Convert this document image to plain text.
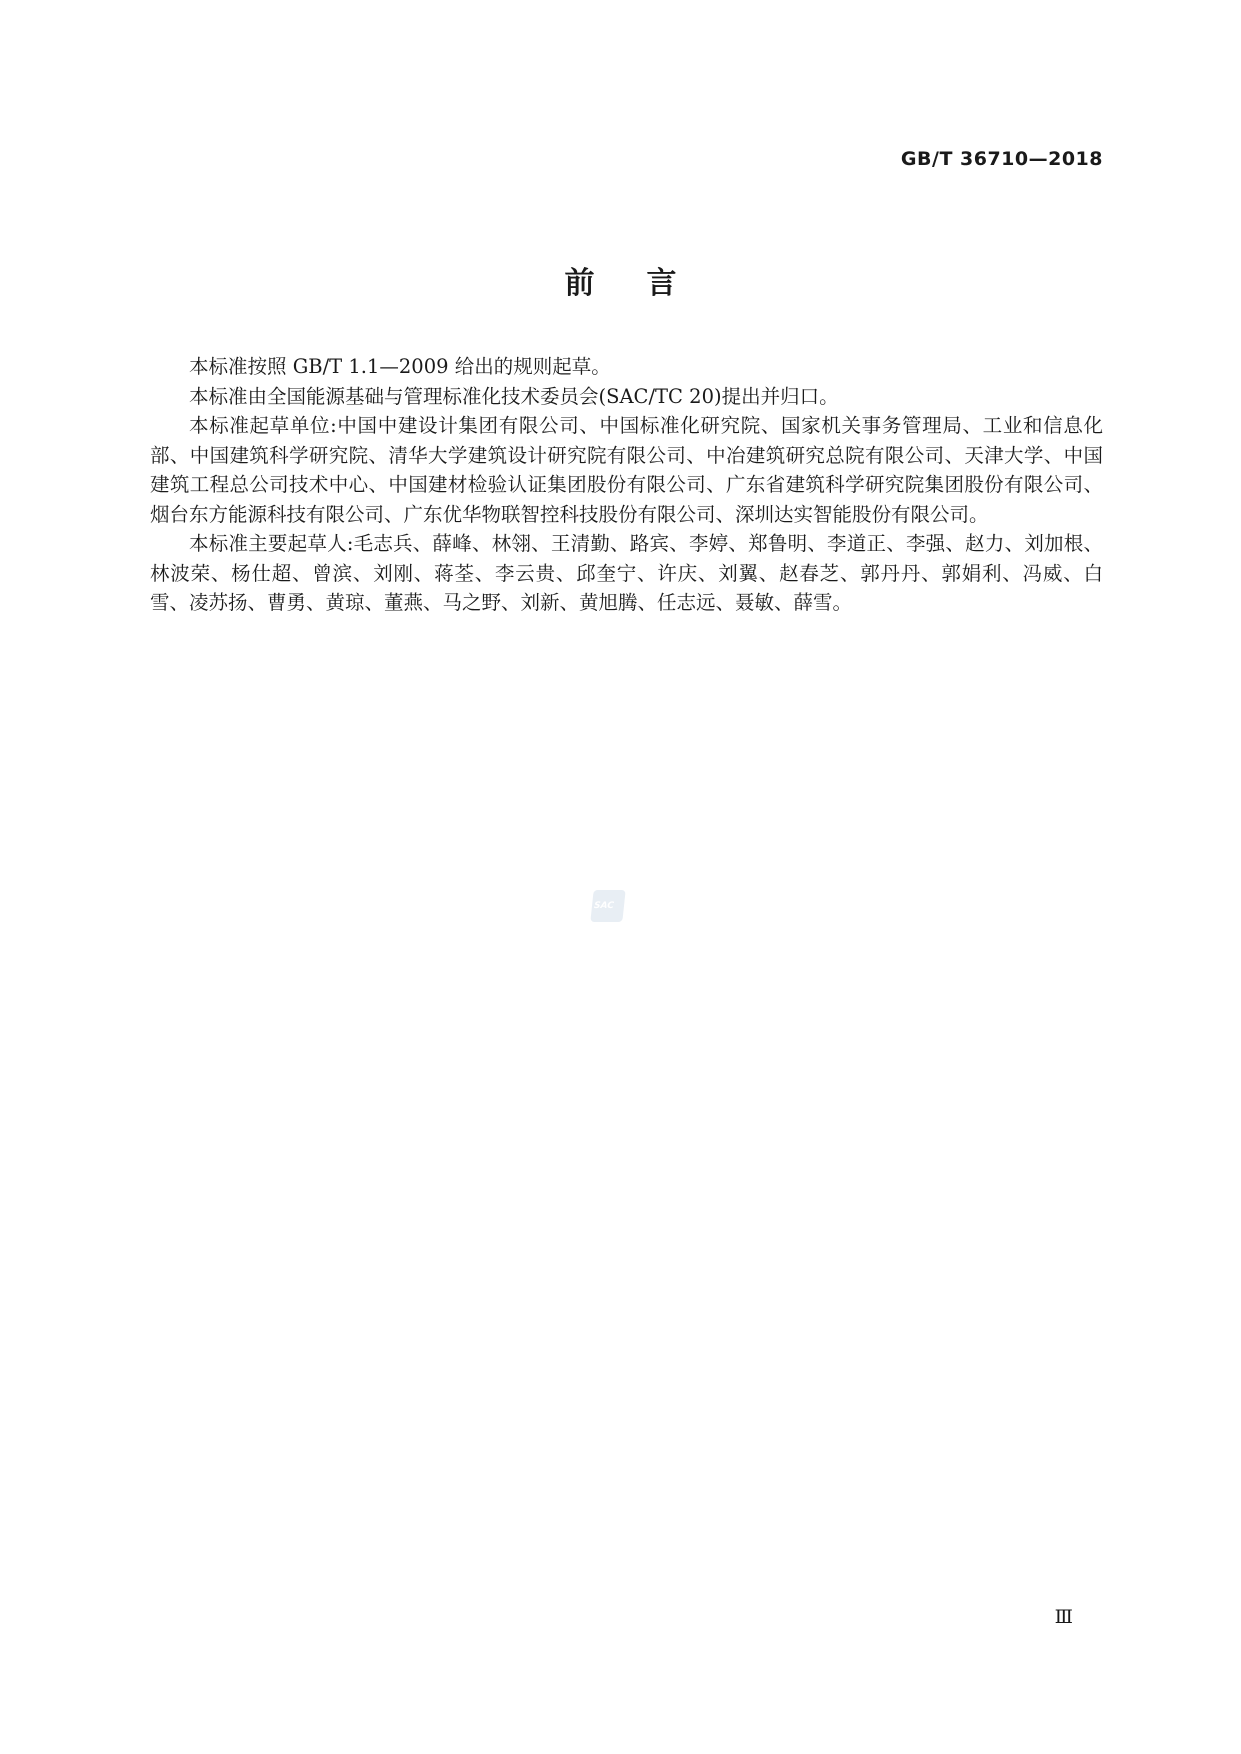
GB/T 36710—2018
前言

本标准按照 GB/T 1.1—2009 给出的规则起草。

本标准由全国能源基础与管理标准化技术委员会(SAC/TC 20)提出并归口。

本标准起草单位:中国中建设计集团有限公司、中国标准化研究院、国家机关事务管理局、工业和信息化部、中国建筑科学研究院、清华大学建筑设计研究院有限公司、中冶建筑研究总院有限公司、天津大学、中国建筑工程总公司技术中心、中国建材检验认证集团股份有限公司、广东省建筑科学研究院集团股份有限公司、烟台东方能源科技有限公司、广东优华物联智控科技股份有限公司、深圳达实智能股份有限公司。

本标准主要起草人:毛志兵、薛峰、林翎、王清勤、路宾、李婷、郑鲁明、李道正、李强、赵力、刘加根、林波荣、杨仕超、曾滨、刘刚、蒋荃、李云贵、邱奎宁、许庆、刘翼、赵春芝、郭丹丹、郭娟利、冯威、白雪、凌苏扬、曹勇、黄琼、董燕、马之野、刘新、黄旭腾、任志远、聂敏、薛雪。

SAC
Ⅲ
